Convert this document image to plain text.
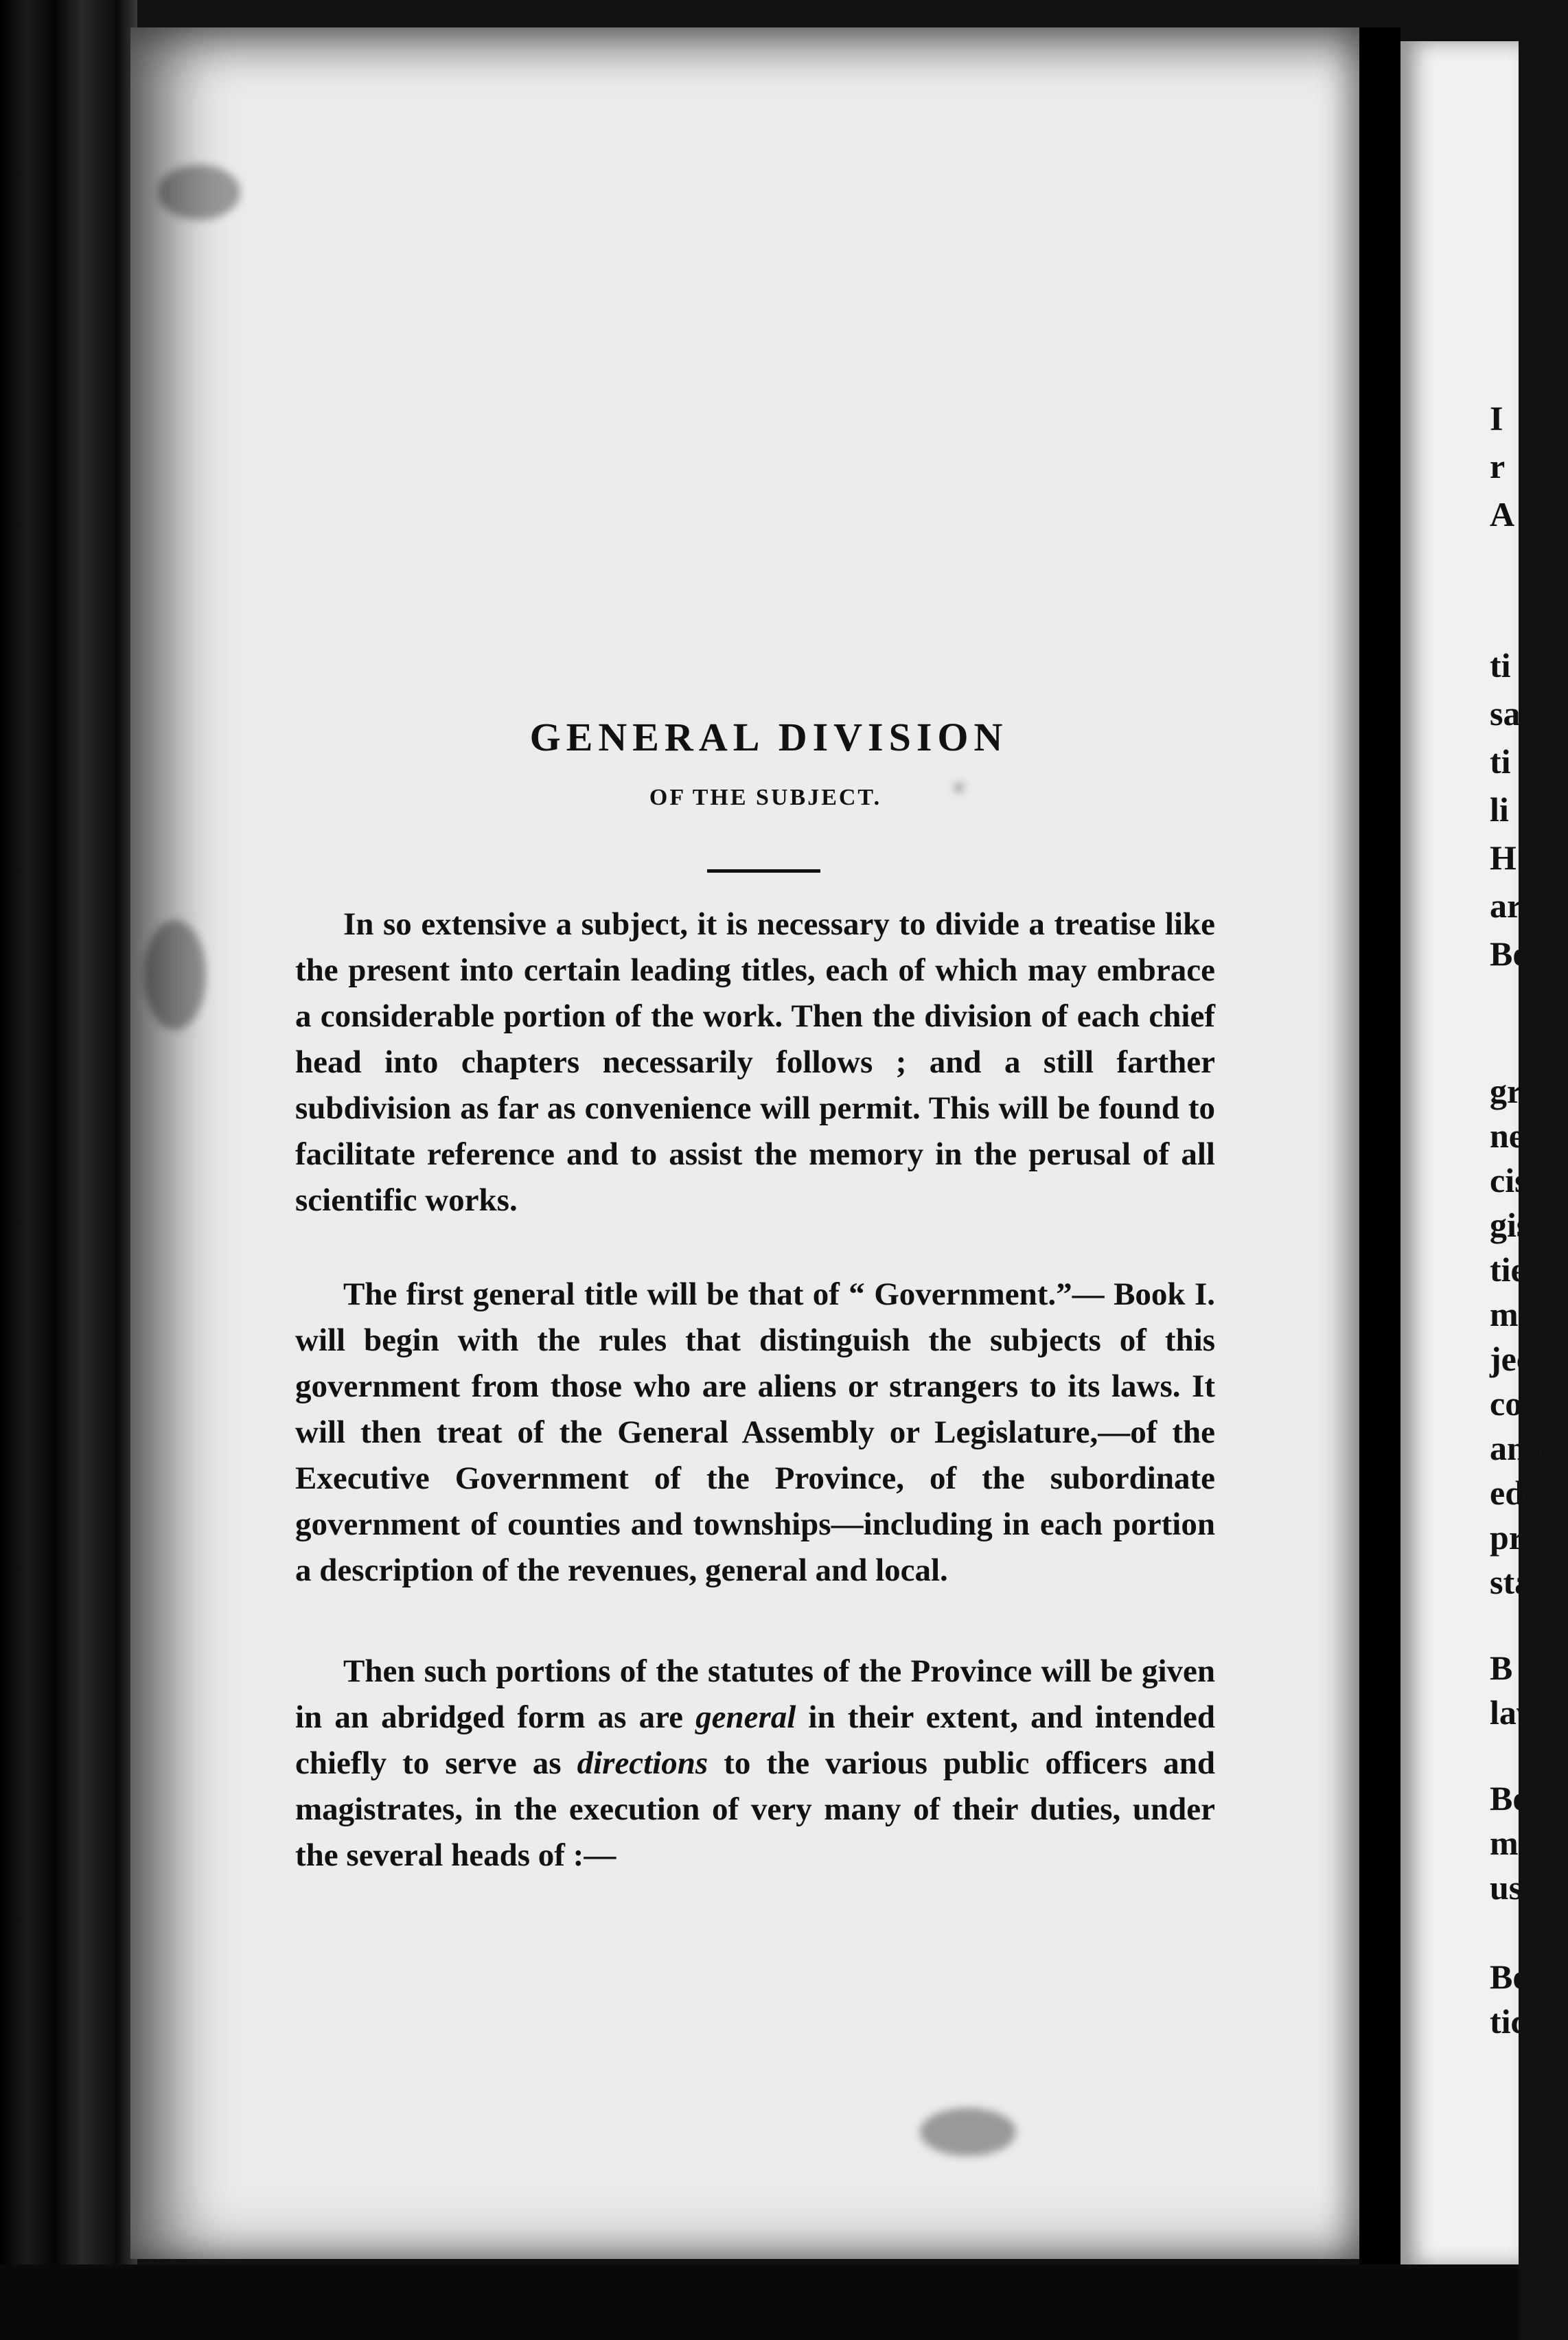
I
r
A
ti
sa
ti
li
H
ar
Bo
gr
ne
cis
gis
ties
men
ject
con
and
edit
prov
stat
B
law
Bo
move
usual
Bo
tice,
GENERAL DIVISION
OF THE SUBJECT.

In so extensive a subject, it is necessary to divide a treatise like the present into certain leading titles, each of which may embrace a considerable portion of the work. Then the division of each chief head into chapters necessarily follows ; and a still farther subdivision as far as convenience will permit. This will be found to facilitate reference and to assist the memory in the perusal of all scientific works.

The first general title will be that of “ Government.”— Book I. will begin with the rules that distinguish the subjects of this government from those who are aliens or strangers to its laws. It will then treat of the General Assembly or Legislature,—of the Executive Government of the Province, of the subordinate government of counties and townships—including in each portion a description of the revenues, general and local.

Then such portions of the statutes of the Province will be given in an abridged form as are general in their extent, and intended chiefly to serve as directions to the various public officers and magistrates, in the execution of very many of their duties, under the several heads of :—
